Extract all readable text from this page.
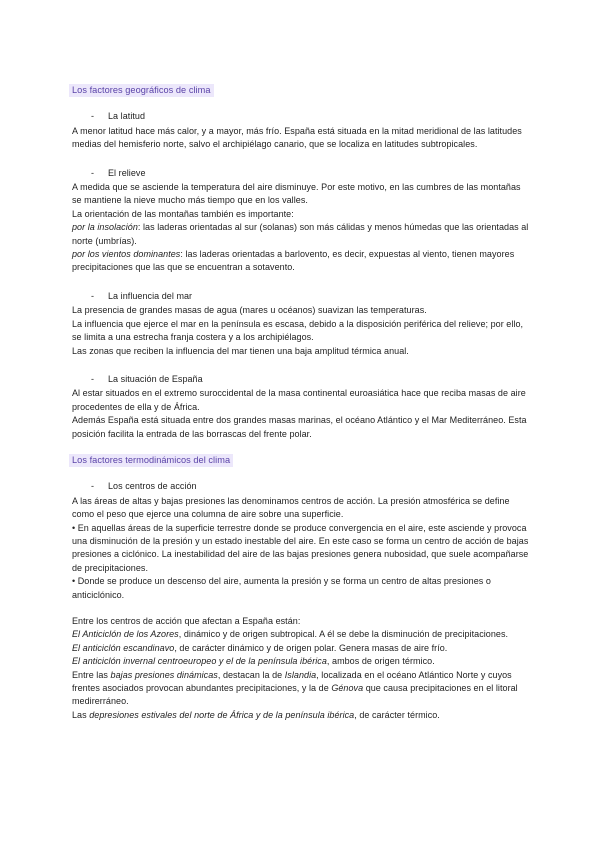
Los factores geográficos de clima
- La latitud

A menor latitud hace más calor, y a mayor, más frío. España está situada en la mitad meridional de las latitudes medias del hemisferio norte, salvo el archipiélago canario, que se localiza en latitudes subtropicales.

- El relieve

A medida que se asciende la temperatura del aire disminuye. Por este motivo, en las cumbres de las montañas se mantiene la nieve mucho más tiempo que en los valles.

La orientación de las montañas también es importante:

por la insolación: las laderas orientadas al sur (solanas) son más cálidas y menos húmedas que las orientadas al norte (umbrías).

por los vientos dominantes: las laderas orientadas a barlovento, es decir, expuestas al viento, tienen mayores precipitaciones que las que se encuentran a sotavento.

- La influencia del mar

La presencia de grandes masas de agua (mares u océanos) suavizan las temperaturas.

La influencia que ejerce el mar en la península es escasa, debido a la disposición periférica del relieve; por ello, se limita a una estrecha franja costera y a los archipiélagos.

Las zonas que reciben la influencia del mar tienen una baja amplitud térmica anual.

- La situación de España

Al estar situados en el extremo suroccidental de la masa continental euroasiática hace que reciba masas de aire procedentes de ella y de África.

Además España está situada entre dos grandes masas marinas, el océano Atlántico y el Mar Mediterráneo. Esta posición facilita la entrada de las borrascas del frente polar.

Los factores termodinámicos del clima
- Los centros de acción

A las áreas de altas y bajas presiones las denominamos centros de acción. La presión atmosférica se define como el peso que ejerce una columna de aire sobre una superficie.

• En aquellas áreas de la superficie terrestre donde se produce convergencia en el aire, este asciende y provoca una disminución de la presión y un estado inestable del aire. En este caso se forma un centro de acción de bajas presiones a ciclónico. La inestabilidad del aire de las bajas presiones genera nubosidad, que suele acompañarse de precipitaciones.

• Donde se produce un descenso del aire, aumenta la presión y se forma un centro de altas presiones o anticiclónico.

Entre los centros de acción que afectan a España están:

El Anticiclón de los Azores, dinámico y de origen subtropical. A él se debe la disminución de precipitaciones.

El anticiclón escandinavo, de carácter dinámico y de origen polar. Genera masas de aire frío.

El anticiclón invernal centroeuropeo y el de la península ibérica, ambos de origen térmico.

Entre las bajas presiones dinámicas, destacan la de Islandia, localizada en el océano Atlántico Norte y cuyos frentes asociados provocan abundantes precipitaciones, y la de Génova que causa precipitaciones en el litoral medirerráneo.

Las depresiones estivales del norte de África y de la península ibérica, de carácter térmico.
